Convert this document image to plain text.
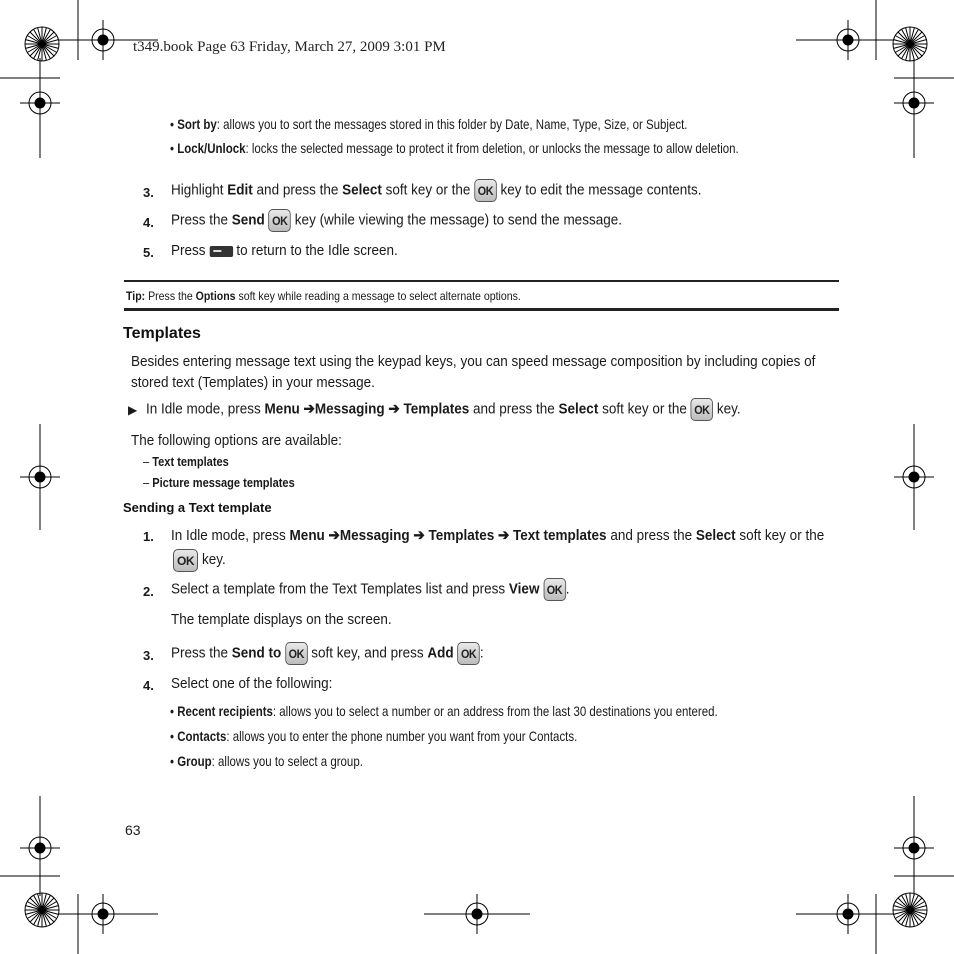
t349.book Page 63 Friday, March 27, 2009 3:01 PM
• Sort by: allows you to sort the messages stored in this folder by Date, Name, Type, Size, or Subject.
• Lock/Unlock: locks the selected message to protect it from deletion, or unlocks the message to allow deletion.
3. Highlight Edit and press the Select soft key or the OK key to edit the message contents.
4. Press the Send OK key (while viewing the message) to send the message.
5. Press  to return to the Idle screen.
Tip: Press the Options soft key while reading a message to select alternate options.
Templates
Besides entering message text using the keypad keys, you can speed message composition by including copies of
stored text (Templates) in your message.
▶ In Idle mode, press Menu ➔Messaging ➔ Templates and press the Select soft key or the OK key.
The following options are available:
– Text templates
– Picture message templates
Sending a Text template
1. In Idle mode, press Menu ➔Messaging ➔ Templates ➔ Text templates and press the Select soft key or the
OK key.
2. Select a template from the Text Templates list and press View OK .
The template displays on the screen.
3. Press the Send to OK soft key, and press Add OK :
4. Select one of the following:
• Recent recipients: allows you to select a number or an address from the last 30 destinations you entered.
• Contacts: allows you to enter the phone number you want from your Contacts.
• Group: allows you to select a group.
63
